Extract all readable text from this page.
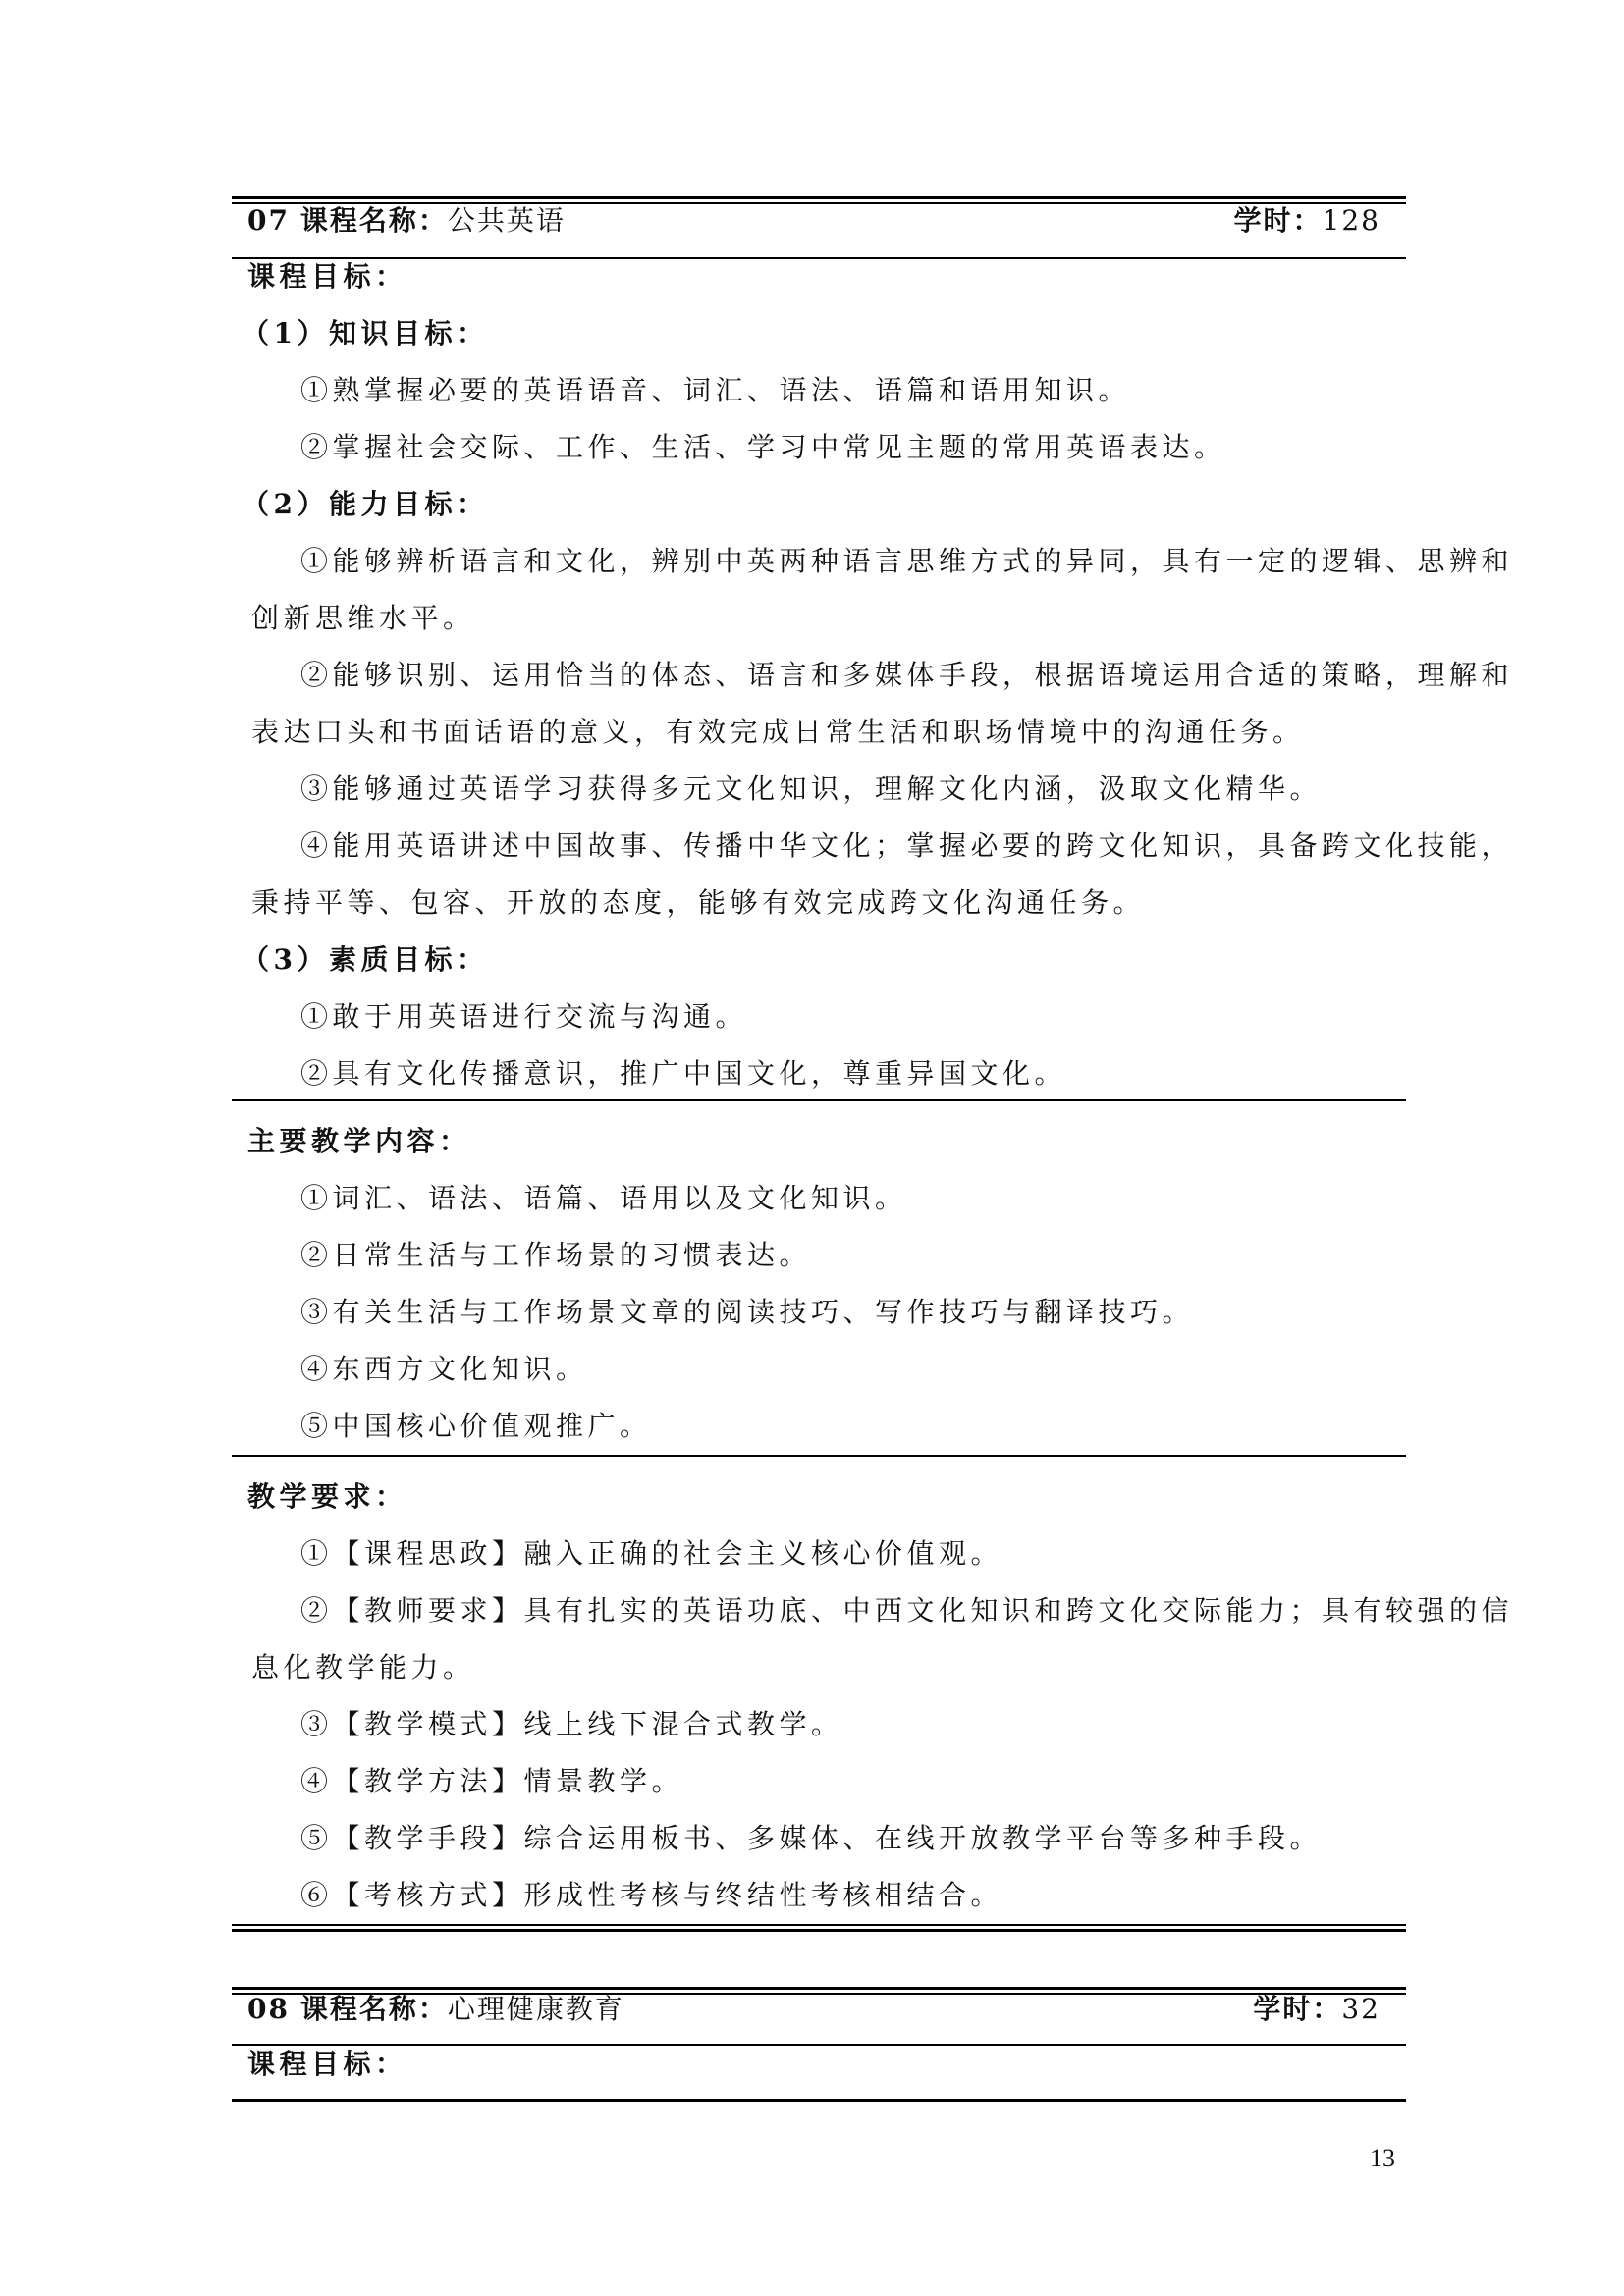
07 课程名称：公共英语	学时：128
课程目标：
（1）知识目标：
①熟掌握必要的英语语音、词汇、语法、语篇和语用知识。
②掌握社会交际、工作、生活、学习中常见主题的常用英语表达。
（2）能力目标：
①能够辨析语言和文化，辨别中英两种语言思维方式的异同，具有一定的逻辑、思辨和
创新思维水平。
②能够识别、运用恰当的体态、语言和多媒体手段，根据语境运用合适的策略，理解和
表达口头和书面话语的意义，有效完成日常生活和职场情境中的沟通任务。
③能够通过英语学习获得多元文化知识，理解文化内涵，汲取文化精华。
④能用英语讲述中国故事、传播中华文化；掌握必要的跨文化知识，具备跨文化技能，
秉持平等、包容、开放的态度，能够有效完成跨文化沟通任务。
（3）素质目标：
①敢于用英语进行交流与沟通。
②具有文化传播意识，推广中国文化，尊重异国文化。
主要教学内容：
①词汇、语法、语篇、语用以及文化知识。
②日常生活与工作场景的习惯表达。
③有关生活与工作场景文章的阅读技巧、写作技巧与翻译技巧。
④东西方文化知识。
⑤中国核心价值观推广。
教学要求：
①【课程思政】融入正确的社会主义核心价值观。
②【教师要求】具有扎实的英语功底、中西文化知识和跨文化交际能力；具有较强的信
息化教学能力。
③【教学模式】线上线下混合式教学。
④【教学方法】情景教学。
⑤【教学手段】综合运用板书、多媒体、在线开放教学平台等多种手段。
⑥【考核方式】形成性考核与终结性考核相结合。
08 课程名称：心理健康教育	学时：32
课程目标：
13
